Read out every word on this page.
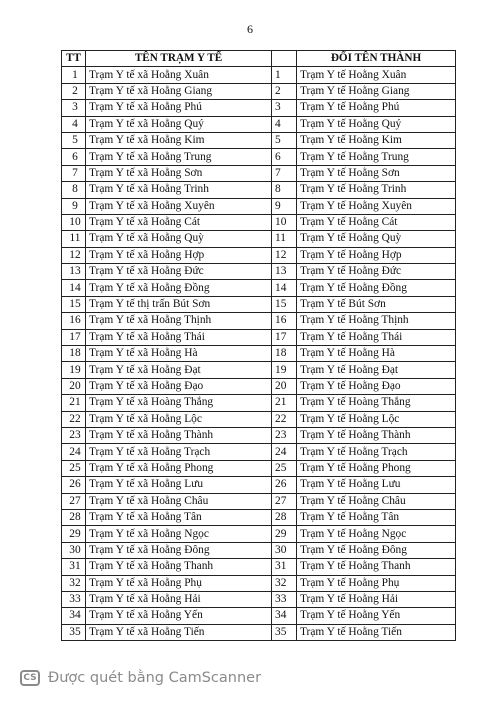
6
TT	TÊN TRẠM Y TẾ		ĐỔI TÊN THÀNH
1	Trạm Y tế xã Hoằng Xuân	1	Trạm Y tế Hoằng Xuân
2	Trạm Y tế xã Hoằng Giang	2	Trạm Y tế Hoằng Giang
3	Trạm Y tế xã Hoằng Phú	3	Trạm Y tế Hoằng Phú
4	Trạm Y tế xã Hoằng Quý	4	Trạm Y tế Hoằng Quý
5	Trạm Y tế xã Hoằng Kim	5	Trạm Y tế Hoằng Kim
6	Trạm Y tế xã Hoằng Trung	6	Trạm Y tế Hoằng Trung
7	Trạm Y tế xã Hoằng Sơn	7	Trạm Y tế Hoằng Sơn
8	Trạm Y tế xã Hoằng Trinh	8	Trạm Y tế Hoằng Trinh
9	Trạm Y tế xã Hoằng Xuyên	9	Trạm Y tế Hoằng Xuyên
10	Trạm Y tế xã Hoằng Cát	10	Trạm Y tế Hoằng Cát
11	Trạm Y tế xã Hoằng Quỳ	11	Trạm Y tế Hoằng Quỳ
12	Trạm Y tế xã Hoằng Hợp	12	Trạm Y tế Hoằng Hợp
13	Trạm Y tế xã Hoằng Đức	13	Trạm Y tế Hoằng Đức
14	Trạm Y tế xã Hoằng Đồng	14	Trạm Y tế Hoằng Đồng
15	Trạm Y tế thị trấn Bút Sơn	15	Trạm Y tế Bút Sơn
16	Trạm Y tế xã Hoằng Thịnh	16	Trạm Y tế Hoằng Thịnh
17	Trạm Y tế xã Hoằng Thái	17	Trạm Y tế Hoằng Thái
18	Trạm Y tế xã Hoằng Hà	18	Trạm Y tế Hoằng Hà
19	Trạm Y tế xã Hoằng Đạt	19	Trạm Y tế Hoằng Đạt
20	Trạm Y tế xã Hoằng Đạo	20	Trạm Y tế Hoằng Đạo
21	Trạm Y tế xã Hoàng Thắng	21	Trạm Y tế Hoàng Thắng
22	Trạm Y tế xã Hoằng Lộc	22	Trạm Y tế Hoằng Lộc
23	Trạm Y tế xã Hoằng Thành	23	Trạm Y tế Hoằng Thành
24	Trạm Y tế xã Hoằng Trạch	24	Trạm Y tế Hoằng Trạch
25	Trạm Y tế xã Hoằng Phong	25	Trạm Y tế Hoằng Phong
26	Trạm Y tế xã Hoằng Lưu	26	Trạm Y tế Hoằng Lưu
27	Trạm Y tế xã Hoằng Châu	27	Trạm Y tế Hoằng Châu
28	Trạm Y tế xã Hoằng Tân	28	Trạm Y tế Hoằng Tân
29	Trạm Y tế xã Hoằng Ngọc	29	Trạm Y tế Hoằng Ngọc
30	Trạm Y tế xã Hoằng Đông	30	Trạm Y tế Hoằng Đông
31	Trạm Y tế xã Hoằng Thanh	31	Trạm Y tế Hoằng Thanh
32	Trạm Y tế xã Hoằng Phụ	32	Trạm Y tế Hoằng Phụ
33	Trạm Y tế xã Hoằng Hải	33	Trạm Y tế Hoằng Hải
34	Trạm Y tế xã Hoằng Yến	34	Trạm Y tế Hoằng Yến
35	Trạm Y tế xã Hoằng Tiến	35	Trạm Y tế Hoằng Tiến
CS Được quét bằng CamScanner
